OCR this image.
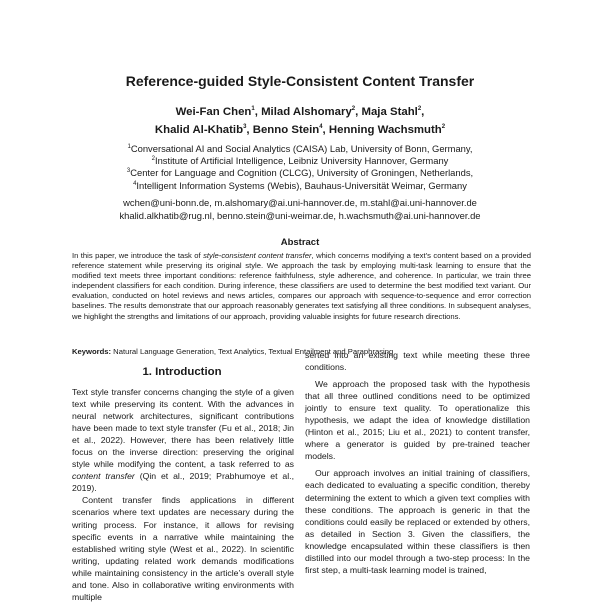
Reference-guided Style-Consistent Content Transfer
Wei-Fan Chen$^1$, Milad Alshomary$^2$, Maja Stahl$^2$,
Khalid Al-Khatib$^3$, Benno Stein$^4$, Henning Wachsmuth$^2$
$^1$Conversational AI and Social Analytics (CAISA) Lab, University of Bonn, Germany,
$^2$Institute of Artificial Intelligence, Leibniz University Hannover, Germany
$^3$Center for Language and Cognition (CLCG), University of Groningen, Netherlands,
$^4$Intelligent Information Systems (Webis), Bauhaus-Universität Weimar, Germany
wchen@uni-bonn.de, m.alshomary@ai.uni-hannover.de, m.stahl@ai.uni-hannover.de
khalid.alkhatib@rug.nl, benno.stein@uni-weimar.de, h.wachsmuth@ai.uni-hannover.de
Abstract
In this paper, we introduce the task of style-consistent content transfer, which concerns modifying a text’s content based on a provided reference statement while preserving its original style. We approach the task by employing multi-task learning to ensure that the modified text meets three important conditions: reference faithfulness, style adherence, and coherence. In particular, we train three independent classifiers for each condition. During inference, these classifiers are used to determine the best modified text variant. Our evaluation, conducted on hotel reviews and news articles, compares our approach with sequence-to-sequence and error correction baselines. The results demonstrate that our approach reasonably generates text satisfying all three conditions. In subsequent analyses, we highlight the strengths and limitations of our approach, providing valuable insights for future research directions.
Keywords: Natural Language Generation, Text Analytics, Textual Entailment and Paraphrasing
1. Introduction

Text style transfer concerns changing the style of a given text while preserving its content. With the advances in neural network architectures, significant contributions have been made to text style transfer (Fu et al., 2018; Jin et al., 2022). However, there has been relatively little focus on the inverse direction: preserving the original style while modifying the content, a task referred to as content transfer (Qin et al., 2019; Prabhumoye et al., 2019).

Content transfer finds applications in different scenarios where text updates are necessary during the writing process. For instance, it allows for revising specific events in a narrative while maintaining the established writing style (West et al., 2022). In scientific writing, updating related work demands modifications while maintaining consistency in the article’s overall style and tone. Also in collaborative writing environments with multiple

serted into an existing text while meeting these three conditions.

We approach the proposed task with the hypothesis that all three outlined conditions need to be optimized jointly to ensure text quality. To operationalize this hypothesis, we adapt the idea of knowledge distillation (Hinton et al., 2015; Liu et al., 2021) to content transfer, where a generator is guided by pre-trained teacher models.

Our approach involves an initial training of classifiers, each dedicated to evaluating a specific condition, thereby determining the extent to which a given text complies with these conditions. The approach is generic in that the conditions could easily be replaced or extended by others, as detailed in Section 3. Given the classifiers, the knowledge encapsulated within these classifiers is then distilled into our model through a two-step process: In the first step, a multi-task learning model is trained,
